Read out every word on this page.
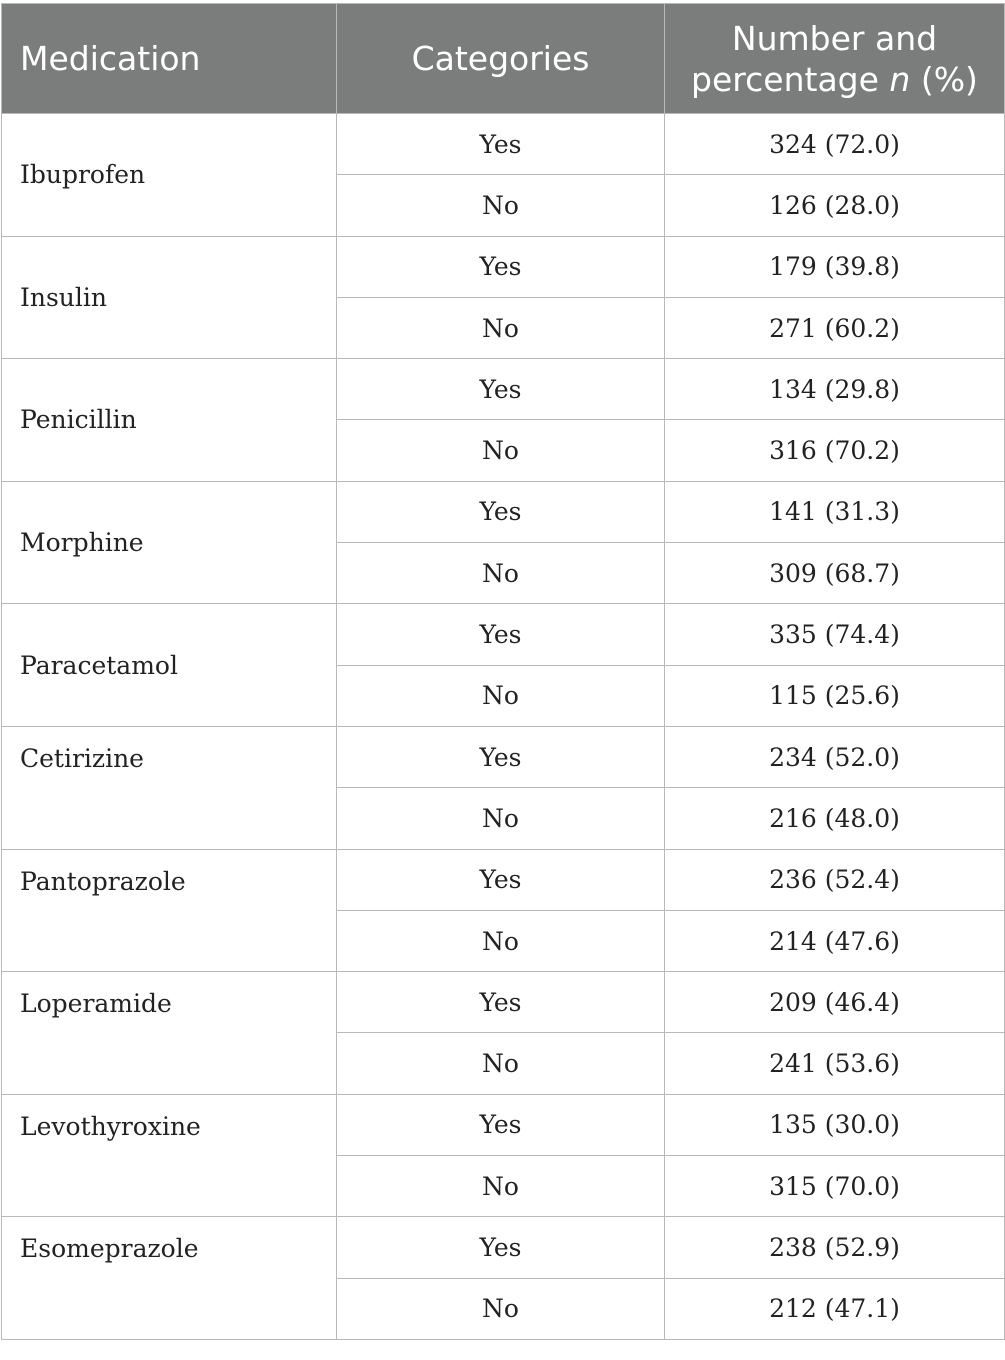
Medication	Categories	Number and
percentage n (%)
Ibuprofen	Yes	324 (72.0)
	No	126 (28.0)
Insulin	Yes	179 (39.8)
	No	271 (60.2)
Penicillin	Yes	134 (29.8)
	No	316 (70.2)
Morphine	Yes	141 (31.3)
	No	309 (68.7)
Paracetamol	Yes	335 (74.4)
	No	115 (25.6)
Cetirizine	Yes	234 (52.0)
	No	216 (48.0)
Pantoprazole	Yes	236 (52.4)
	No	214 (47.6)
Loperamide	Yes	209 (46.4)
	No	241 (53.6)
Levothyroxine	Yes	135 (30.0)
	No	315 (70.0)
Esomeprazole	Yes	238 (52.9)
	No	212 (47.1)
